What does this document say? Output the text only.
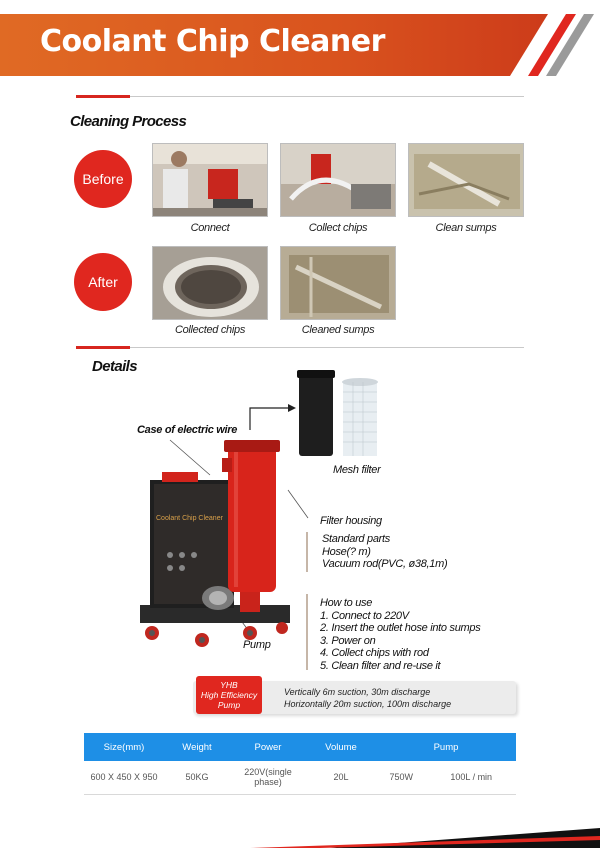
Coolant Chip Cleaner
Cleaning Process
Before
After
Connect	Collect chips	Clean sumps
Collected chips	Cleaned sumps
Details
Coolant Chip Cleaner
Case of electric wire
Mesh filter
Filter housing
Pump
Standard parts
Hose(? m)
Vacuum rod(PVC, ø38,1m)
How to use
1. Connect to 220V
2. Insert the outlet hose into sumps
3. Power on
4. Collect chips with rod
5. Clean filter and re-use it
YHB
High Efficiency
Pump
Vertically 6m suction, 30m discharge
Horizontally 20m suction, 100m discharge
Size(mm)	Weight	Power	Volume	Pump	
600 X 450 X 950	50KG	220V(single phase)	20L	750W	100L / min
